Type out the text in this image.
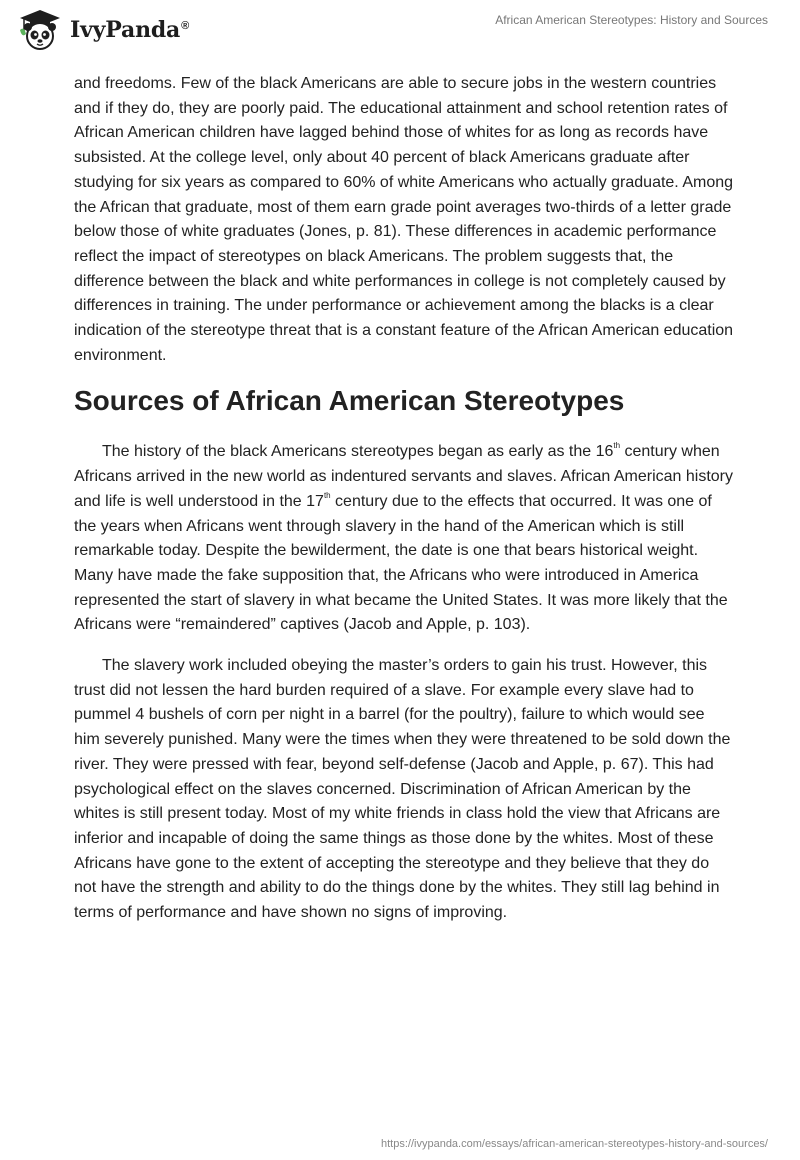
IvyPanda®	African American Stereotypes: History and Sources

and freedoms. Few of the black Americans are able to secure jobs in the western countries and if they do, they are poorly paid. The educational attainment and school retention rates of African American children have lagged behind those of whites for as long as records have subsisted. At the college level, only about 40 percent of black Americans graduate after studying for six years as compared to 60% of white Americans who actually graduate. Among the African that graduate, most of them earn grade point averages two-thirds of a letter grade below those of white graduates (Jones, p. 81). These differences in academic performance reflect the impact of stereotypes on black Americans. The problem suggests that, the difference between the black and white performances in college is not completely caused by differences in training. The under performance or achievement among the blacks is a clear indication of the stereotype threat that is a constant feature of the African American education environment.

Sources of African American Stereotypes

The history of the black Americans stereotypes began as early as the 16th century when Africans arrived in the new world as indentured servants and slaves. African American history and life is well understood in the 17th century due to the effects that occurred. It was one of the years when Africans went through slavery in the hand of the American which is still remarkable today. Despite the bewilderment, the date is one that bears historical weight. Many have made the fake supposition that, the Africans who were introduced in America represented the start of slavery in what became the United States. It was more likely that the Africans were “remaindered” captives (Jacob and Apple, p. 103).

The slavery work included obeying the master’s orders to gain his trust. However, this trust did not lessen the hard burden required of a slave. For example every slave had to pummel 4 bushels of corn per night in a barrel (for the poultry), failure to which would see him severely punished. Many were the times when they were threatened to be sold down the river. They were pressed with fear, beyond self-defense (Jacob and Apple, p. 67). This had psychological effect on the slaves concerned. Discrimination of African American by the whites is still present today. Most of my white friends in class hold the view that Africans are inferior and incapable of doing the same things as those done by the whites. Most of these Africans have gone to the extent of accepting the stereotype and they believe that they do not have the strength and ability to do the things done by the whites. They still lag behind in terms of performance and have shown no signs of improving.

https://ivypanda.com/essays/african-american-stereotypes-history-and-sources/
